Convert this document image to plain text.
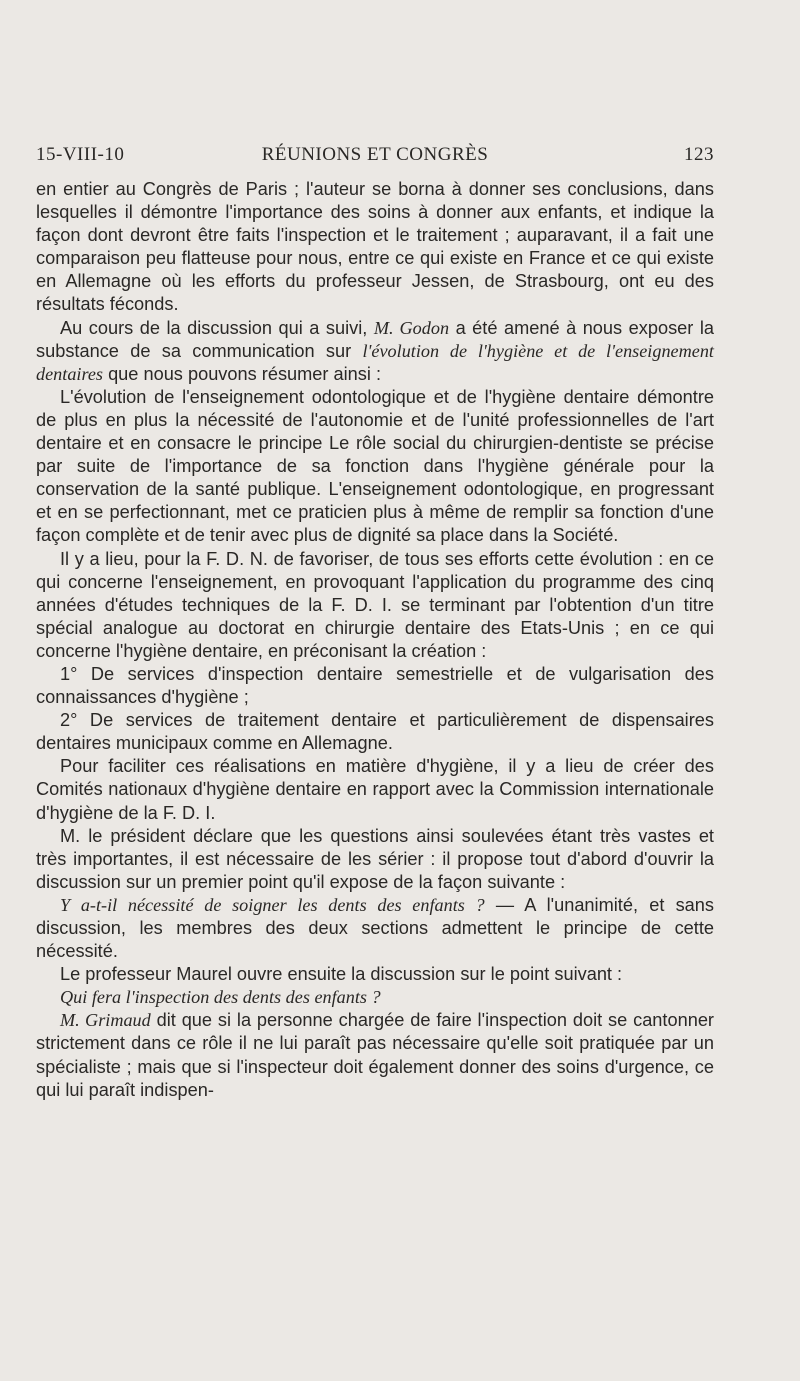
15-VIII-10	RÉUNIONS ET CONGRÈS	123

en entier au Congrès de Paris ; l'auteur se borna à donner ses conclusions, dans lesquelles il démontre l'importance des soins à donner aux enfants, et indique la façon dont devront être faits l'inspection et le traitement ; auparavant, il a fait une comparaison peu flatteuse pour nous, entre ce qui existe en France et ce qui existe en Allemagne où les efforts du professeur Jessen, de Strasbourg, ont eu des résultats féconds.

Au cours de la discussion qui a suivi, M. Godon a été amené à nous exposer la substance de sa communication sur l'évolution de l'hygiène et de l'enseignement dentaires que nous pouvons résumer ainsi :

L'évolution de l'enseignement odontologique et de l'hygiène dentaire démontre de plus en plus la nécessité de l'autonomie et de l'unité professionnelles de l'art dentaire et en consacre le principe Le rôle social du chirurgien-dentiste se précise par suite de l'importance de sa fonction dans l'hygiène générale pour la conservation de la santé publique. L'enseignement odontologique, en progressant et en se perfectionnant, met ce praticien plus à même de remplir sa fonction d'une façon complète et de tenir avec plus de dignité sa place dans la Société.

Il y a lieu, pour la F. D. N. de favoriser, de tous ses efforts cette évolution : en ce qui concerne l'enseignement, en provoquant l'application du programme des cinq années d'études techniques de la F. D. I. se terminant par l'obtention d'un titre spécial analogue au doctorat en chirurgie dentaire des Etats-Unis ; en ce qui concerne l'hygiène dentaire, en préconisant la création :

1° De services d'inspection dentaire semestrielle et de vulgarisation des connaissances d'hygiène ;

2° De services de traitement dentaire et particulièrement de dispensaires dentaires municipaux comme en Allemagne.

Pour faciliter ces réalisations en matière d'hygiène, il y a lieu de créer des Comités nationaux d'hygiène dentaire en rapport avec la Commission internationale d'hygiène de la F. D. I.

M. le président déclare que les questions ainsi soulevées étant très vastes et très importantes, il est nécessaire de les sérier : il propose tout d'abord d'ouvrir la discussion sur un premier point qu'il expose de la façon suivante :

Y a-t-il nécessité de soigner les dents des enfants ? — A l'unanimité, et sans discussion, les membres des deux sections admettent le principe de cette nécessité.

Le professeur Maurel ouvre ensuite la discussion sur le point suivant :

Qui fera l'inspection des dents des enfants ?

M. Grimaud dit que si la personne chargée de faire l'inspection doit se cantonner strictement dans ce rôle il ne lui paraît pas nécessaire qu'elle soit pratiquée par un spécialiste ; mais que si l'inspecteur doit également donner des soins d'urgence, ce qui lui paraît indispen-
